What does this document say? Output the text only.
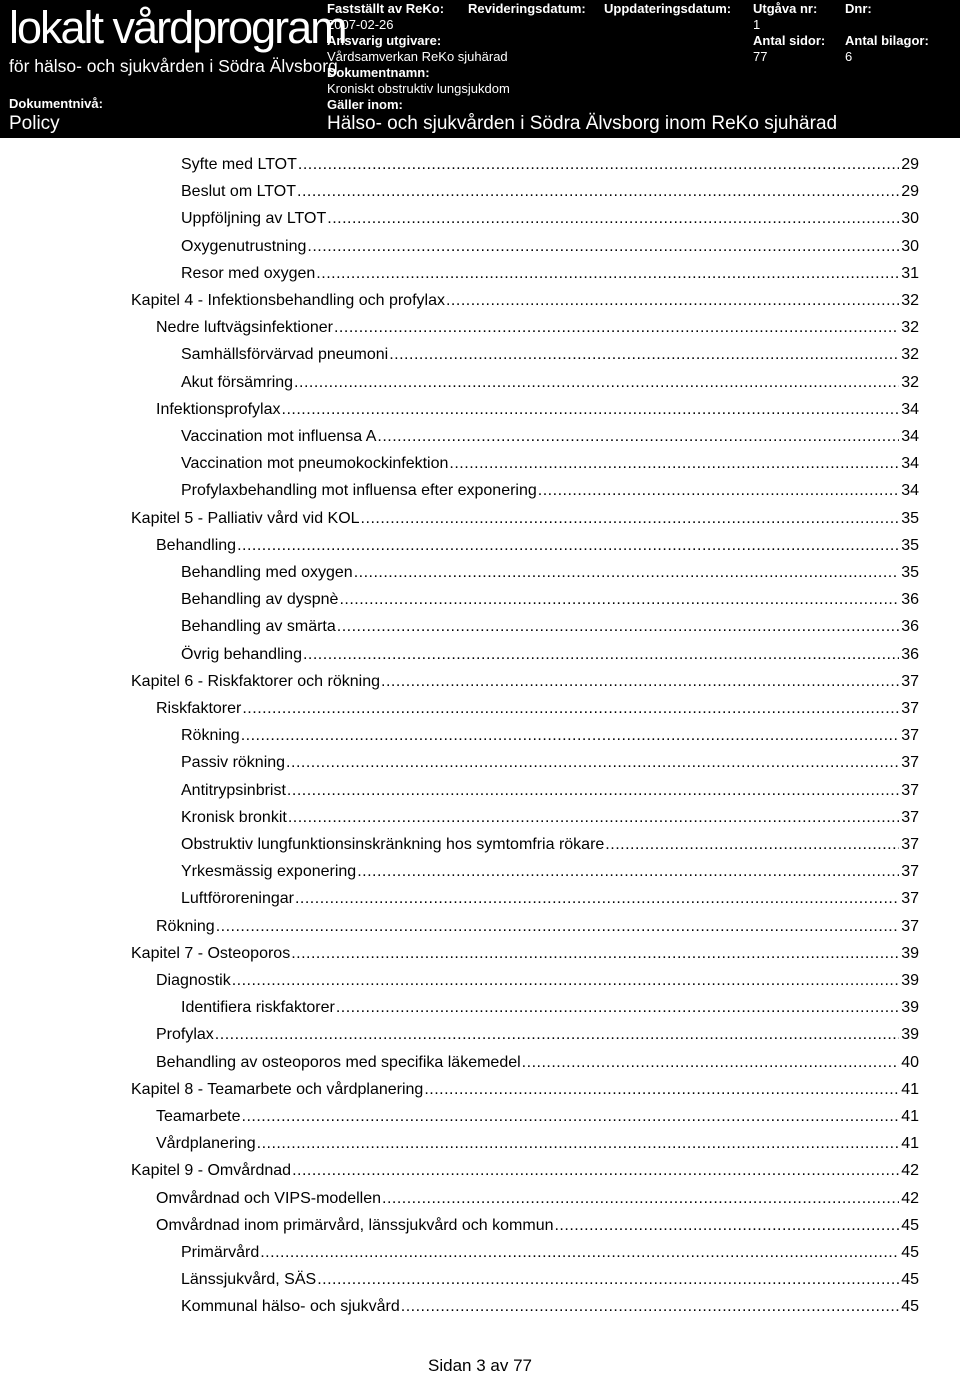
lokalt vårdprogram
för hälso- och sjukvården i Södra Älvsborg
Dokumentnivå:
Policy
Fastställt av ReKo:
2007-02-26
Revideringsdatum: Uppdateringsdatum: Utgåva nr:
1
Dnr:
Ansvarig utgivare:
Vårdsamverkan ReKo sjuhärad
Antal sidor:
77
Antal bilagor:
6
Dokumentnamn:
Kroniskt obstruktiv lungsjukdom
Gäller inom:
Hälso- och sjukvården i Södra Älvsborg inom ReKo sjuhärad
Syfte med LTOT .....	29
Beslut om LTOT .....	29
Uppföljning av LTOT .....	30
Oxygenutrustning .....	30
Resor med oxygen .....	31
Kapitel 4 - Infektionsbehandling och profylax .....	32
Nedre luftvägsinfektioner .....	32
Samhällsförvärvad pneumoni .....	32
Akut försämring .....	32
Infektionsprofylax .....	34
Vaccination mot influensa A .....	34
Vaccination mot pneumokockinfektion .....	34
Profylaxbehandling mot influensa efter exponering .....	34
Kapitel 5 - Palliativ vård vid KOL .....	35
Behandling .....	35
Behandling med oxygen .....	35
Behandling av dyspnè .....	36
Behandling av smärta .....	36
Övrig behandling .....	36
Kapitel 6 - Riskfaktorer och rökning .....	37
Riskfaktorer .....	37
Rökning .....	37
Passiv rökning .....	37
Antitrypsinbrist .....	37
Kronisk bronkit .....	37
Obstruktiv lungfunktionsinskränkning hos symtomfria rökare .....	37
Yrkesmässig exponering .....	37
Luftföroreningar .....	37
Rökning .....	37
Kapitel 7 - Osteoporos .....	39
Diagnostik .....	39
Identifiera riskfaktorer .....	39
Profylax .....	39
Behandling av osteoporos med specifika läkemedel .....	40
Kapitel 8 - Teamarbete och vårdplanering .....	41
Teamarbete .....	41
Vårdplanering .....	41
Kapitel 9 - Omvårdnad .....	42
Omvårdnad och VIPS-modellen .....	42
Omvårdnad inom primärvård, länssjukvård och kommun .....	45
Primärvård .....	45
Länssjukvård, SÄS .....	45
Kommunal hälso- och sjukvård .....	45
Sidan 3 av 77
